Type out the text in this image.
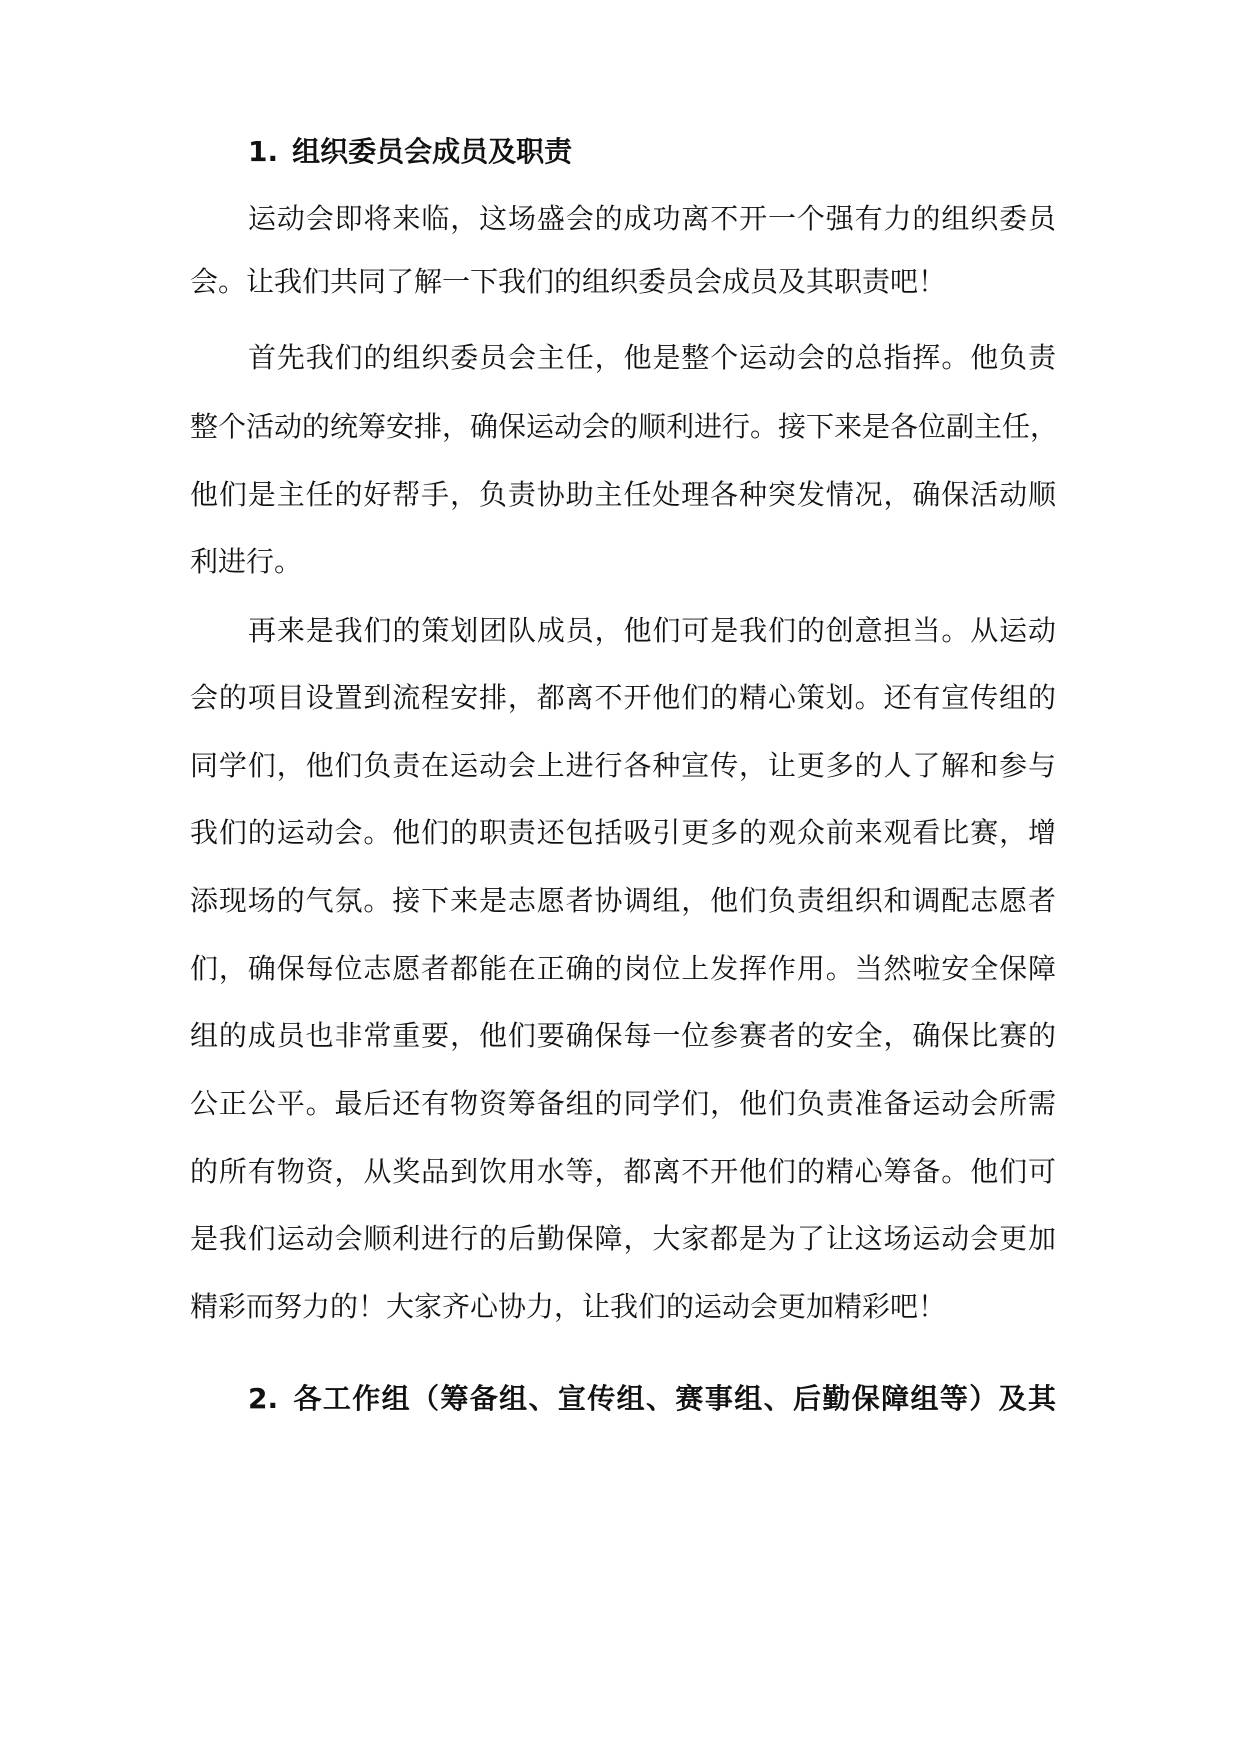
1. 组织委员会成员及职责
运动会即将来临，这场盛会的成功离不开一个强有力的组织委员
会。让我们共同了解一下我们的组织委员会成员及其职责吧！
首先我们的组织委员会主任，他是整个运动会的总指挥。他负责
整个活动的统筹安排，确保运动会的顺利进行。接下来是各位副主任，
他们是主任的好帮手，负责协助主任处理各种突发情况，确保活动顺
利进行。
再来是我们的策划团队成员，他们可是我们的创意担当。从运动
会的项目设置到流程安排，都离不开他们的精心策划。还有宣传组的
同学们，他们负责在运动会上进行各种宣传，让更多的人了解和参与
我们的运动会。他们的职责还包括吸引更多的观众前来观看比赛，增
添现场的气氛。接下来是志愿者协调组，他们负责组织和调配志愿者
们，确保每位志愿者都能在正确的岗位上发挥作用。当然啦安全保障
组的成员也非常重要，他们要确保每一位参赛者的安全，确保比赛的
公正公平。最后还有物资筹备组的同学们，他们负责准备运动会所需
的所有物资，从奖品到饮用水等，都离不开他们的精心筹备。他们可
是我们运动会顺利进行的后勤保障，大家都是为了让这场运动会更加
精彩而努力的！大家齐心协力，让我们的运动会更加精彩吧！
2. 各工作组（筹备组、宣传组、赛事组、后勤保障组等）及其
